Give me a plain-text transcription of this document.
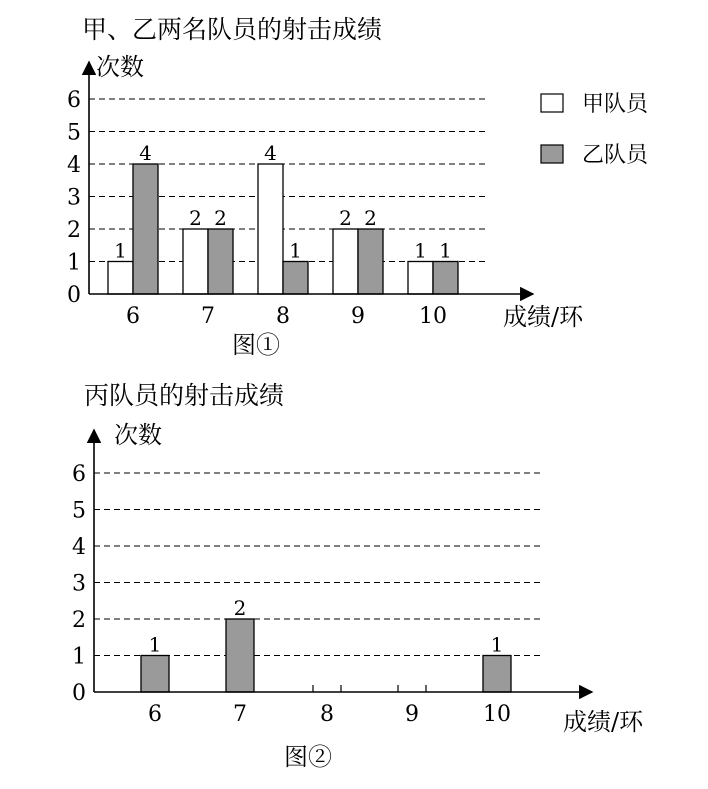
甲、乙两名队员的射击成绩
次数
成绩/环
图①
0
1
2
3
4
5
6
6	7	8	9 10
1
2
4
2
1
4
2
1
2
1
甲队员
乙队员
丙队员的射击成绩
次数
成绩/环
图②
0
1
2
3
4
5
6
6	7	8	9	10
1
2
1
